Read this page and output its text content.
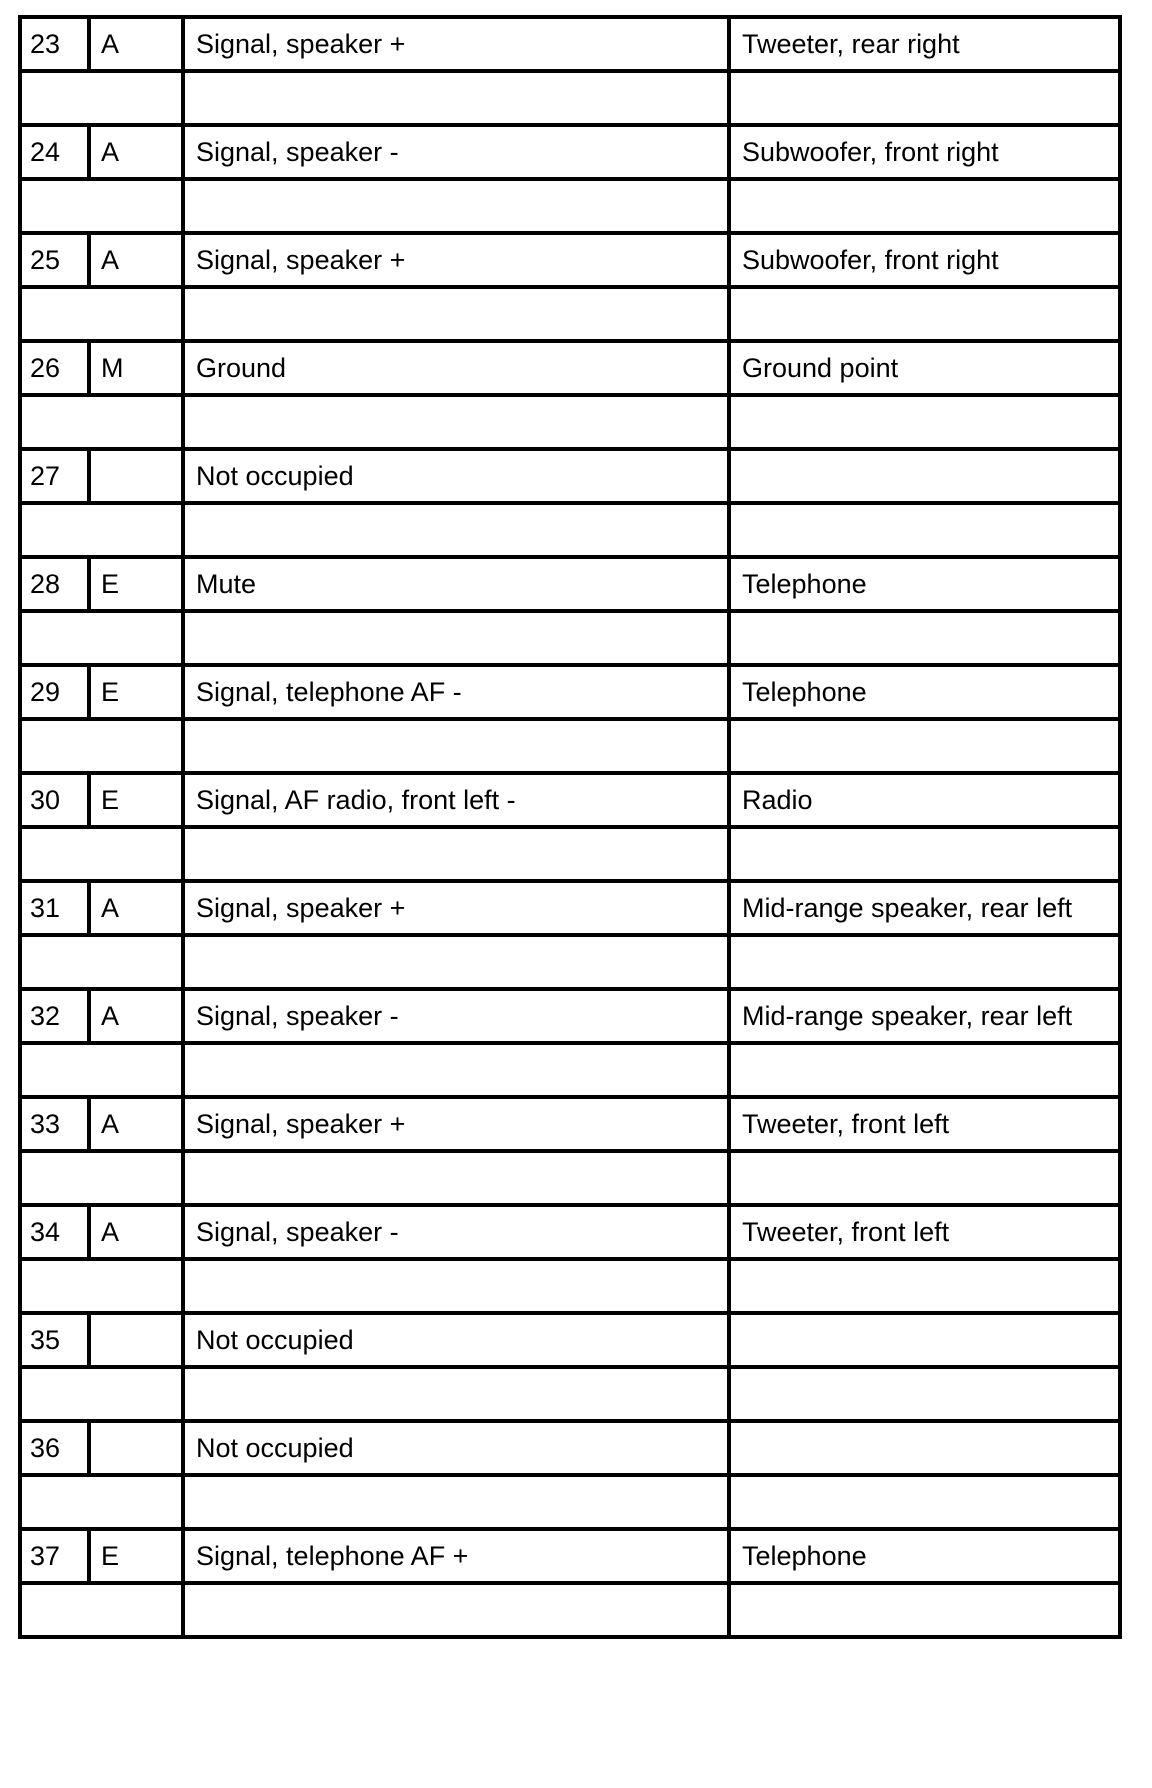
23	A	Signal, speaker +	Tweeter, rear right

24	A	Signal, speaker -	Subwoofer, front right

25	A	Signal, speaker +	Subwoofer, front right

26	M	Ground	Ground point

27		Not occupied	

28	E	Mute	Telephone

29	E	Signal, telephone AF -	Telephone

30	E	Signal, AF radio, front left -	Radio

31	A	Signal, speaker +	Mid-range speaker, rear left

32	A	Signal, speaker -	Mid-range speaker, rear left

33	A	Signal, speaker +	Tweeter, front left

34	A	Signal, speaker -	Tweeter, front left

35		Not occupied	

36		Not occupied	

37	E	Signal, telephone AF +	Telephone
